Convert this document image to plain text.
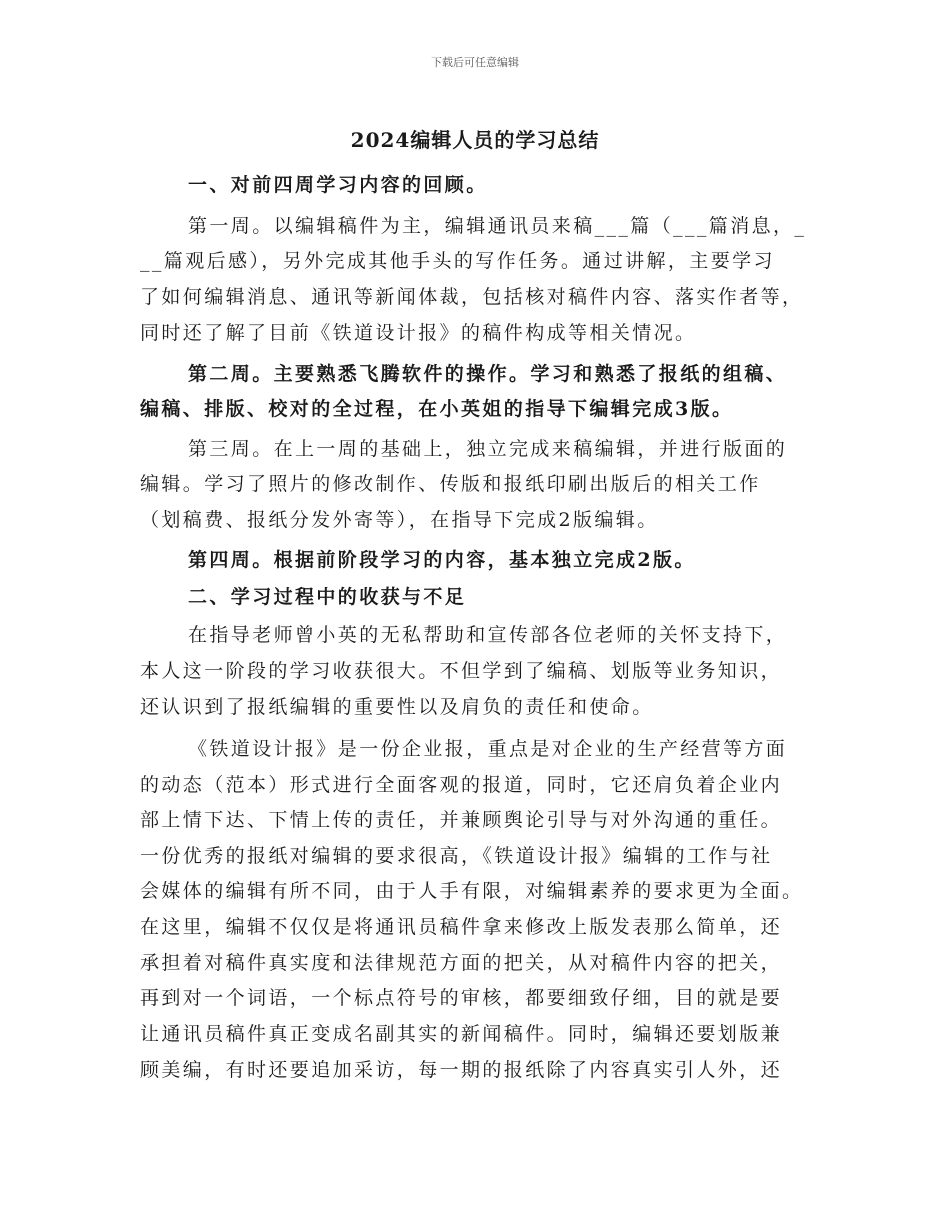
下载后可任意编辑
2024编辑人员的学习总结
一、对前四周学习内容的回顾。
第一周。以编辑稿件为主，编辑通讯员来稿___篇（___篇消息，_
__篇观后感），另外完成其他手头的写作任务。通过讲解，主要学习
了如何编辑消息、通讯等新闻体裁，包括核对稿件内容、落实作者等，
同时还了解了目前《铁道设计报》的稿件构成等相关情况。
第二周。主要熟悉飞腾软件的操作。学习和熟悉了报纸的组稿、
编稿、排版、校对的全过程，在小英姐的指导下编辑完成3版。
第三周。在上一周的基础上，独立完成来稿编辑，并进行版面的
编辑。学习了照片的修改制作、传版和报纸印刷出版后的相关工作
（划稿费、报纸分发外寄等），在指导下完成2版编辑。
第四周。根据前阶段学习的内容，基本独立完成2版。
二、学习过程中的收获与不足
在指导老师曾小英的无私帮助和宣传部各位老师的关怀支持下，
本人这一阶段的学习收获很大。不但学到了编稿、划版等业务知识，
还认识到了报纸编辑的重要性以及肩负的责任和使命。
《铁道设计报》是一份企业报，重点是对企业的生产经营等方面
的动态（范本）形式进行全面客观的报道，同时，它还肩负着企业内
部上情下达、下情上传的责任，并兼顾舆论引导与对外沟通的重任。
一份优秀的报纸对编辑的要求很高，《铁道设计报》编辑的工作与社
会媒体的编辑有所不同，由于人手有限，对编辑素养的要求更为全面。
在这里，编辑不仅仅是将通讯员稿件拿来修改上版发表那么简单，还
承担着对稿件真实度和法律规范方面的把关，从对稿件内容的把关，
再到对一个词语，一个标点符号的审核，都要细致仔细，目的就是要
让通讯员稿件真正变成名副其实的新闻稿件。同时，编辑还要划版兼
顾美编，有时还要追加采访，每一期的报纸除了内容真实引人外，还
